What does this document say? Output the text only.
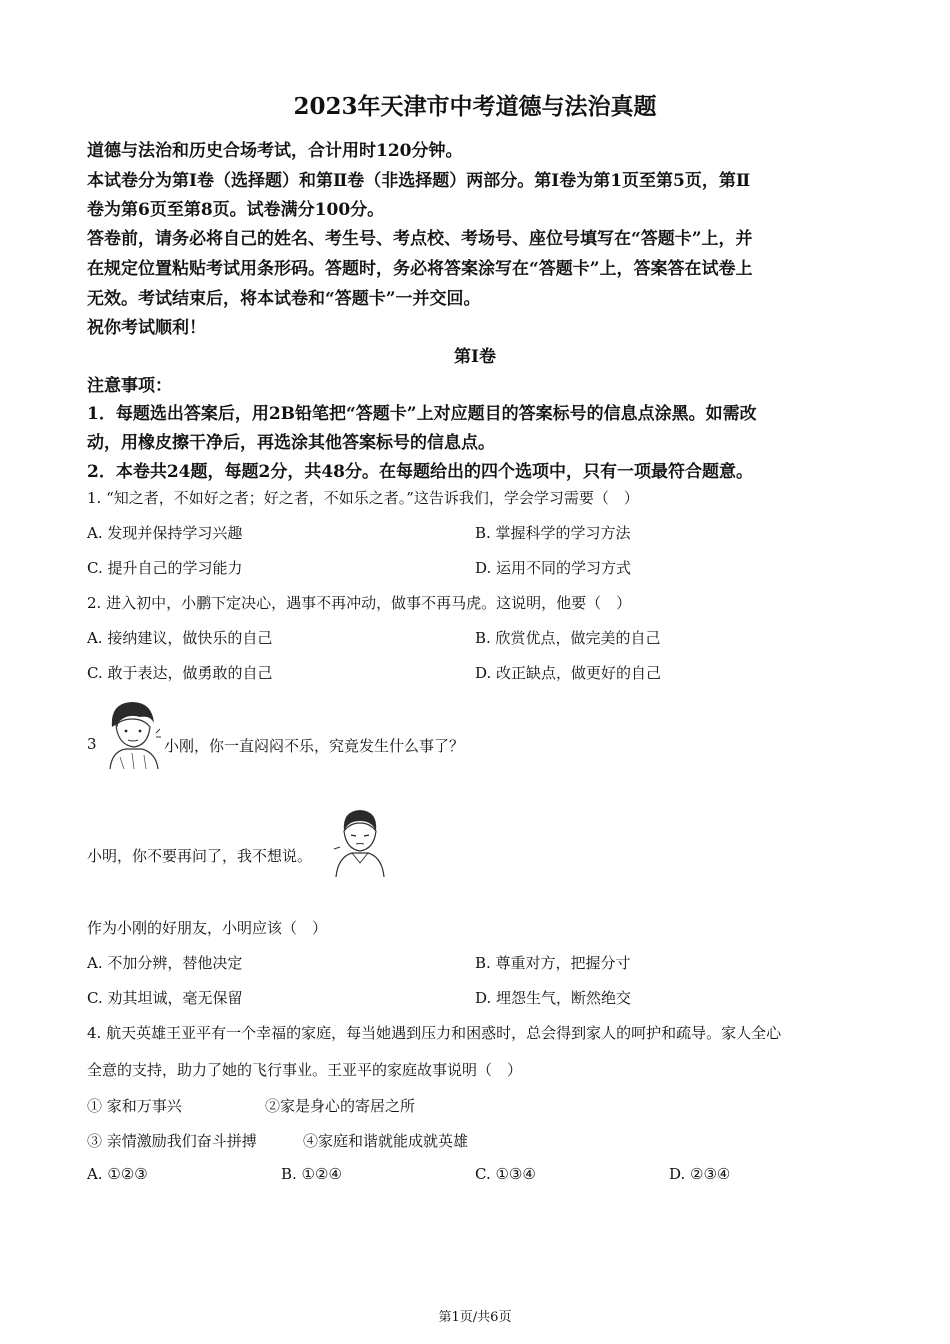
2023年天津市中考道德与法治真题
道德与法治和历史合场考试，合计用时120分钟。
本试卷分为第Ⅰ卷（选择题）和第Ⅱ卷（非选择题）两部分。第Ⅰ卷为第1页至第5页，第Ⅱ
卷为第6页至第8页。试卷满分100分。
答卷前，请务必将自己的姓名、考生号、考点校、考场号、座位号填写在“答题卡”上，并
在规定位置粘贴考试用条形码。答题时，务必将答案涂写在“答题卡”上，答案答在试卷上
无效。考试结束后，将本试卷和“答题卡”一并交回。
祝你考试顺利！
第Ⅰ卷
注意事项：
1．每题选出答案后，用2B铅笔把“答题卡”上对应题目的答案标号的信息点涂黑。如需改
动，用橡皮擦干净后，再选涂其他答案标号的信息点。
2．本卷共24题，每题2分，共48分。在每题给出的四个选项中，只有一项最符合题意。
1. “知之者，不如好之者；好之者，不如乐之者。”这告诉我们，学会学习需要（　）
A. 发现并保持学习兴趣	B. 掌握科学的学习方法
C. 提升自己的学习能力	D. 运用不同的学习方式
2. 进入初中，小鹏下定决心，遇事不再冲动，做事不再马虎。这说明，他要（　）
A. 接纳建议，做快乐的自己	B. 欣赏优点，做完美的自己
C. 敢于表达，做勇敢的自己	D. 改正缺点，做更好的自己
3	小刚，你一直闷闷不乐，究竟发生什么事了？
小明，你不要再问了，我不想说。
作为小刚的好朋友，小明应该（　）
A. 不加分辨，替他决定	B. 尊重对方，把握分寸
C. 劝其坦诚，毫无保留	D. 埋怨生气，断然绝交
4. 航天英雄王亚平有一个幸福的家庭，每当她遇到压力和困惑时，总会得到家人的呵护和疏导。家人全心
全意的支持，助力了她的飞行事业。王亚平的家庭故事说明（　）
① 家和万事兴	②家是身心的寄居之所
③ 亲情激励我们奋斗拼搏	④家庭和谐就能成就英雄
A. ①②③	B. ①②④	C. ①③④	D. ②③④
第1页/共6页
